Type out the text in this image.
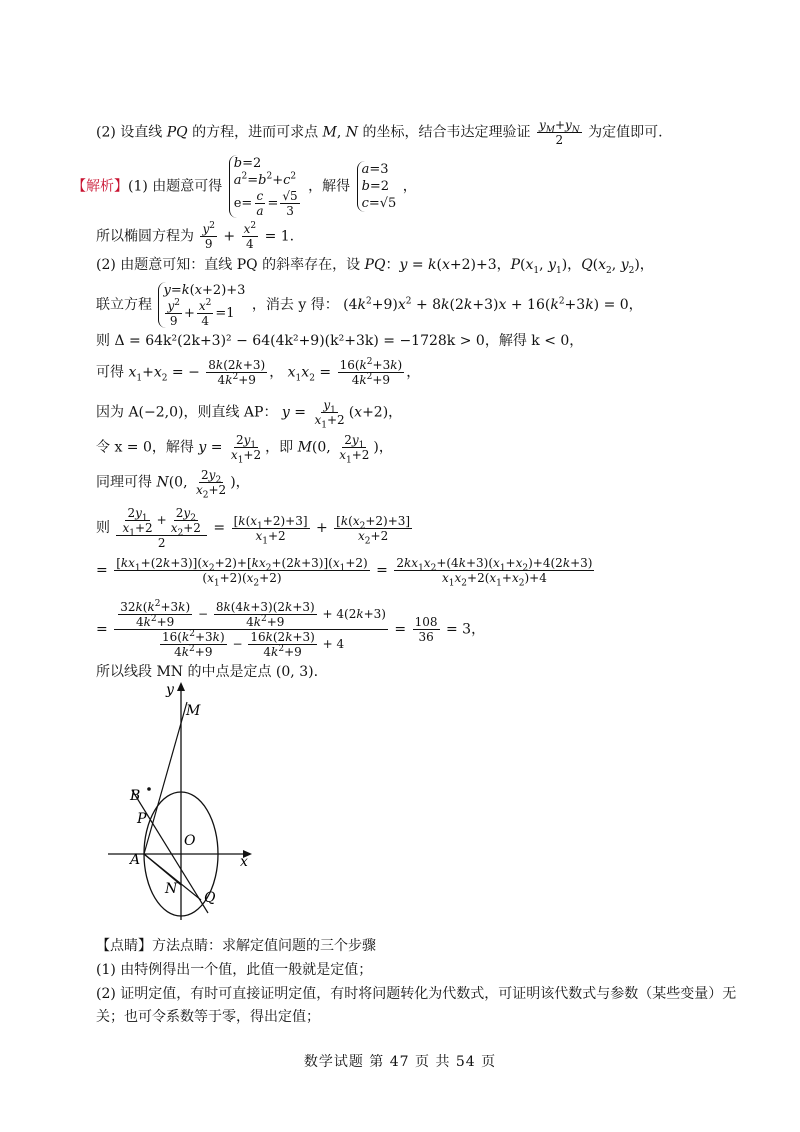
(2) 设直线 PQ 的方程，进而可求点 M, N 的坐标，结合韦达定理验证 $\frac{y_M+y_N}{2}$ 为定值即可.
【解析】(1) 由题意可得
b=2
$a^2=b^2+c^2$
$e= \frac{c}{a} = \frac{√5}{3}$
，解得
a=3
b=2
c=√5
，
所以椭圆方程为 $\frac{y^2}{9} + \frac{x^2}{4} = 1$.
(2) 由题意可知：直线 PQ 的斜率存在，设 PQ：y = k(x+2)+3，$P(x_1$, $y_1$)，$Q(x_2$, $y_2$)，
联立方程
y=k(x+2)+3
$\frac{y^2}{9} + \frac{x^2}{4} =1$
，消去 y 得： $(4k^2+9)x^2 + 8k(2k+3)x + 16(k^2+3k) = 0$，
则 Δ = 64k²(2k+3)² − 64(4k²+9)(k²+3k) = −1728k > 0，解得 k < 0，
可得 $x_1+x_2$ = − $\frac{8k(2k+3)}{4k^2+9}$ ， $x_1x_2 = \frac{16(k^2+3k)}{4k^2+9}$ ，
因为 A(−2,0)，则直线 AP： $y = \frac{y_1}{x_1+2} (x+2)$，
令 x = 0，解得 $y = \frac{2y_1}{x_1+2}$ ，即 M(0, $\frac{2y_1}{x_1+2}$ )，
同理可得 N(0, $\frac{2y_2}{x_2+2}$ )，
则 $\frac{\frac{2y_1}{x_1+2} + \frac{2y_2}{x_2+2}}{2} = \frac{[k(x_1+2)+3]}{x_1+2} + \frac{[k(x_2+2)+3]}{x_2+2}$
= $\frac{[kx_1+(2k+3)](x_2+2)+[kx_2+(2k+3)](x_1+2)}{(x_1+2)(x_2+2)} = \frac{2kx_1x_2+(4k+3)(x_1+x_2)+4(2k+3)}{x_1x_2+2(x_1+x_2)+4}$
= $\frac{\frac{32k(k^2+3k)}{4k^2+9} - \frac{8k(4k+3)(2k+3)}{4k^2+9} + 4(2k+3)}{\frac{16(k^2+3k)}{4k^2+9} - \frac{16k(2k+3)}{4k^2+9} + 4} = \frac{108}{36} = 3$，
所以线段 MN 的中点是定点 (0, 3).
y
x
M
B
P
O
A
N
Q
【点睛】方法点睛：求解定值问题的三个步骤
(1) 由特例得出一个值，此值一般就是定值；
(2) 证明定值，有时可直接证明定值，有时将问题转化为代数式，可证明该代数式与参数（某些变量）无
关；也可令系数等于零，得出定值；
数学试题 第 47 页 共 54 页
